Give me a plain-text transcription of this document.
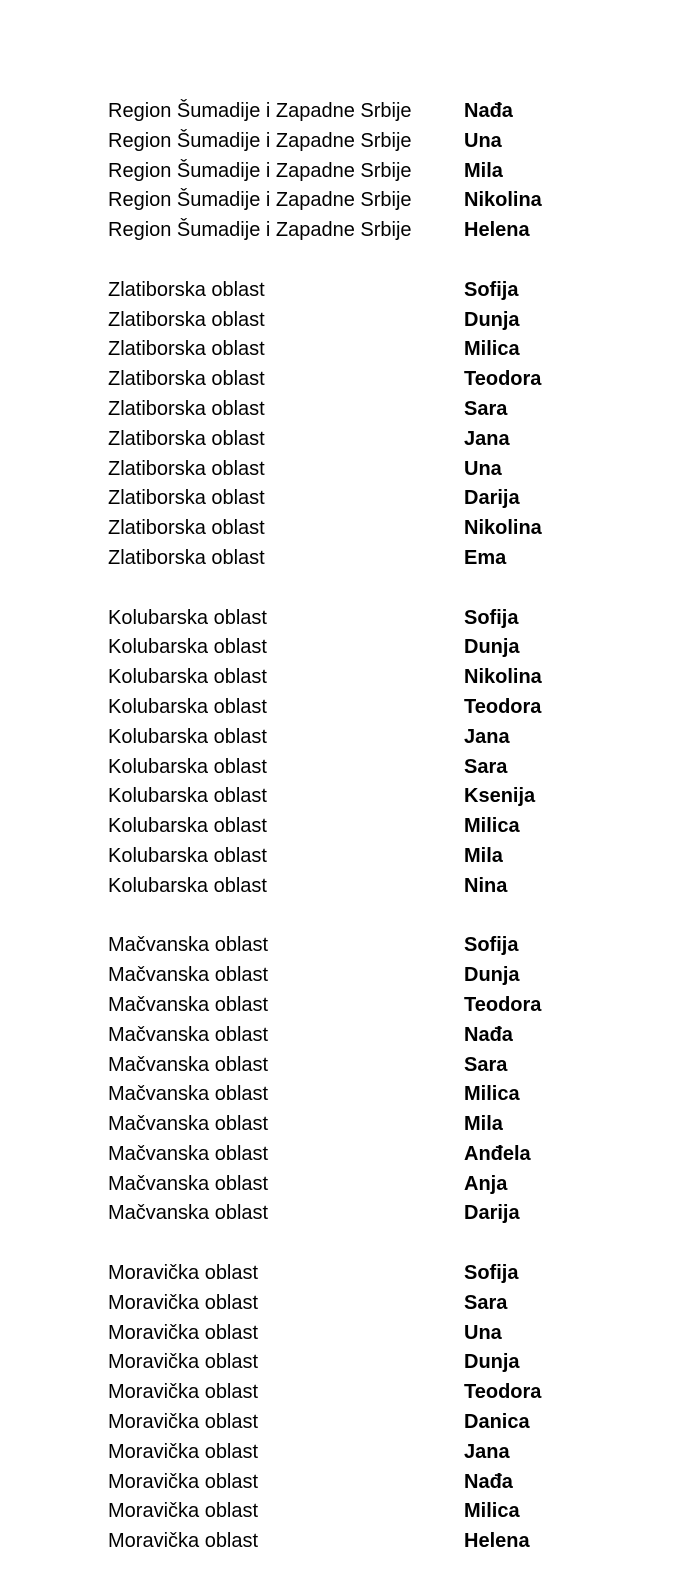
Region Šumadije i Zapadne Srbije	Nađa
Region Šumadije i Zapadne Srbije	Una
Region Šumadije i Zapadne Srbije	Mila
Region Šumadije i Zapadne Srbije	Nikolina
Region Šumadije i Zapadne Srbije	Helena
Zlatiborska oblast	Sofija
Zlatiborska oblast	Dunja
Zlatiborska oblast	Milica
Zlatiborska oblast	Teodora
Zlatiborska oblast	Sara
Zlatiborska oblast	Jana
Zlatiborska oblast	Una
Zlatiborska oblast	Darija
Zlatiborska oblast	Nikolina
Zlatiborska oblast	Ema
Kolubarska oblast	Sofija
Kolubarska oblast	Dunja
Kolubarska oblast	Nikolina
Kolubarska oblast	Teodora
Kolubarska oblast	Jana
Kolubarska oblast	Sara
Kolubarska oblast	Ksenija
Kolubarska oblast	Milica
Kolubarska oblast	Mila
Kolubarska oblast	Nina
Mačvanska oblast	Sofija
Mačvanska oblast	Dunja
Mačvanska oblast	Teodora
Mačvanska oblast	Nađa
Mačvanska oblast	Sara
Mačvanska oblast	Milica
Mačvanska oblast	Mila
Mačvanska oblast	Anđela
Mačvanska oblast	Anja
Mačvanska oblast	Darija
Moravička oblast	Sofija
Moravička oblast	Sara
Moravička oblast	Una
Moravička oblast	Dunja
Moravička oblast	Teodora
Moravička oblast	Danica
Moravička oblast	Jana
Moravička oblast	Nađa
Moravička oblast	Milica
Moravička oblast	Helena
